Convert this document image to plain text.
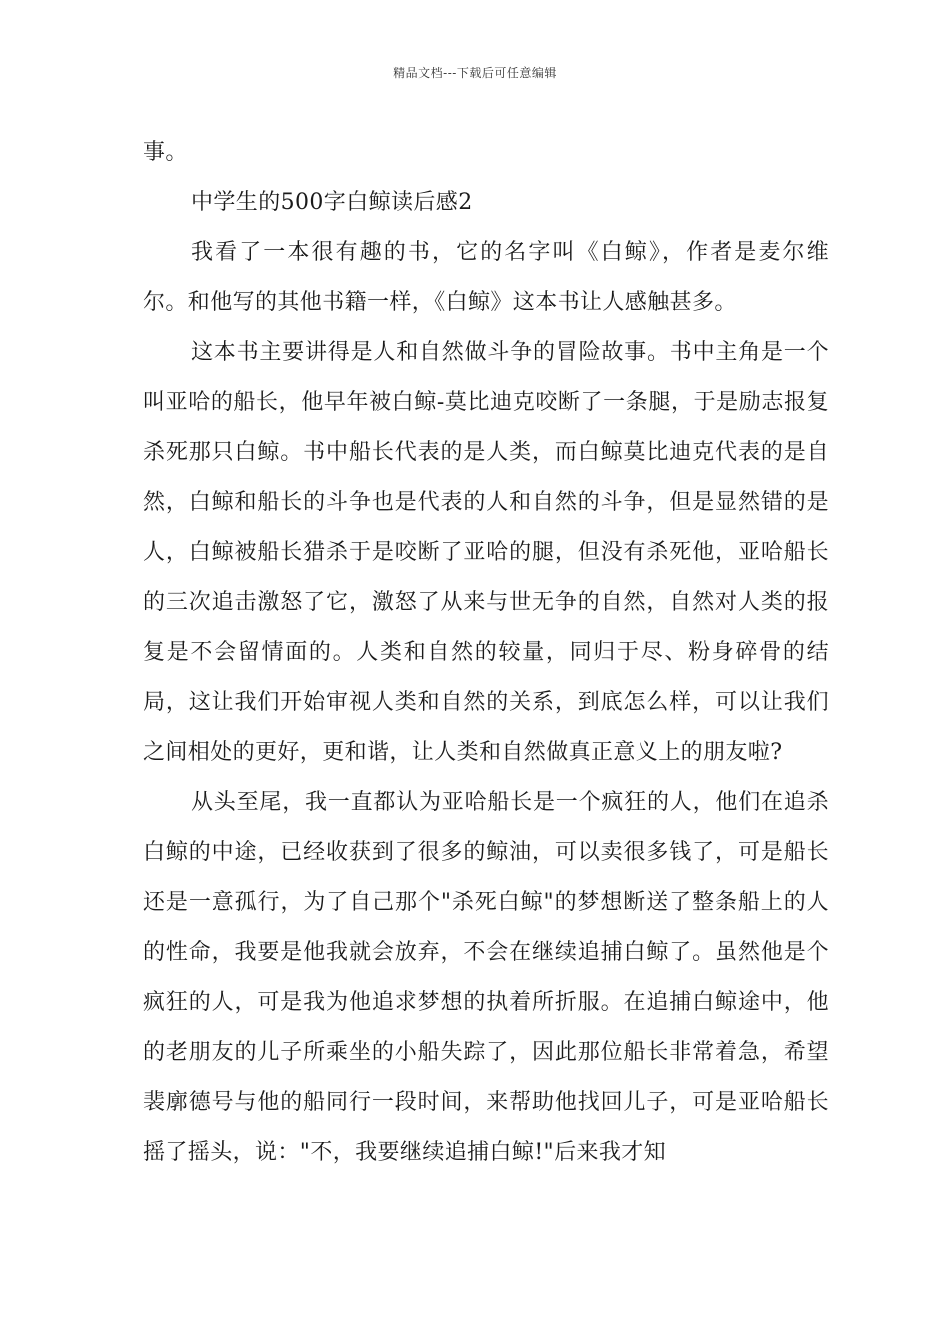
精品文档---下载后可任意编辑

事。

中学生的500字白鲸读后感2

我看了一本很有趣的书，它的名字叫《白鲸》，作者是麦尔维尔。和他写的其他书籍一样，《白鲸》这本书让人感触甚多。

这本书主要讲得是人和自然做斗争的冒险故事。书中主角是一个叫亚哈的船长，他早年被白鲸-莫比迪克咬断了一条腿，于是励志报复杀死那只白鲸。书中船长代表的是人类，而白鲸莫比迪克代表的是自然，白鲸和船长的斗争也是代表的人和自然的斗争，但是显然错的是人，白鲸被船长猎杀于是咬断了亚哈的腿，但没有杀死他，亚哈船长的三次追击激怒了它，激怒了从来与世无争的自然，自然对人类的报复是不会留情面的。人类和自然的较量，同归于尽、粉身碎骨的结局，这让我们开始审视人类和自然的关系，到底怎么样，可以让我们之间相处的更好，更和谐，让人类和自然做真正意义上的朋友啦?

从头至尾，我一直都认为亚哈船长是一个疯狂的人，他们在追杀白鲸的中途，已经收获到了很多的鲸油，可以卖很多钱了，可是船长还是一意孤行，为了自己那个"杀死白鲸"的梦想断送了整条船上的人的性命，我要是他我就会放弃，不会在继续追捕白鲸了。虽然他是个疯狂的人，可是我为他追求梦想的执着所折服。在追捕白鲸途中，他的老朋友的儿子所乘坐的小船失踪了，因此那位船长非常着急，希望裴廓德号与他的船同行一段时间，来帮助他找回儿子，可是亚哈船长摇了摇头，说："不，我要继续追捕白鲸!"后来我才知
